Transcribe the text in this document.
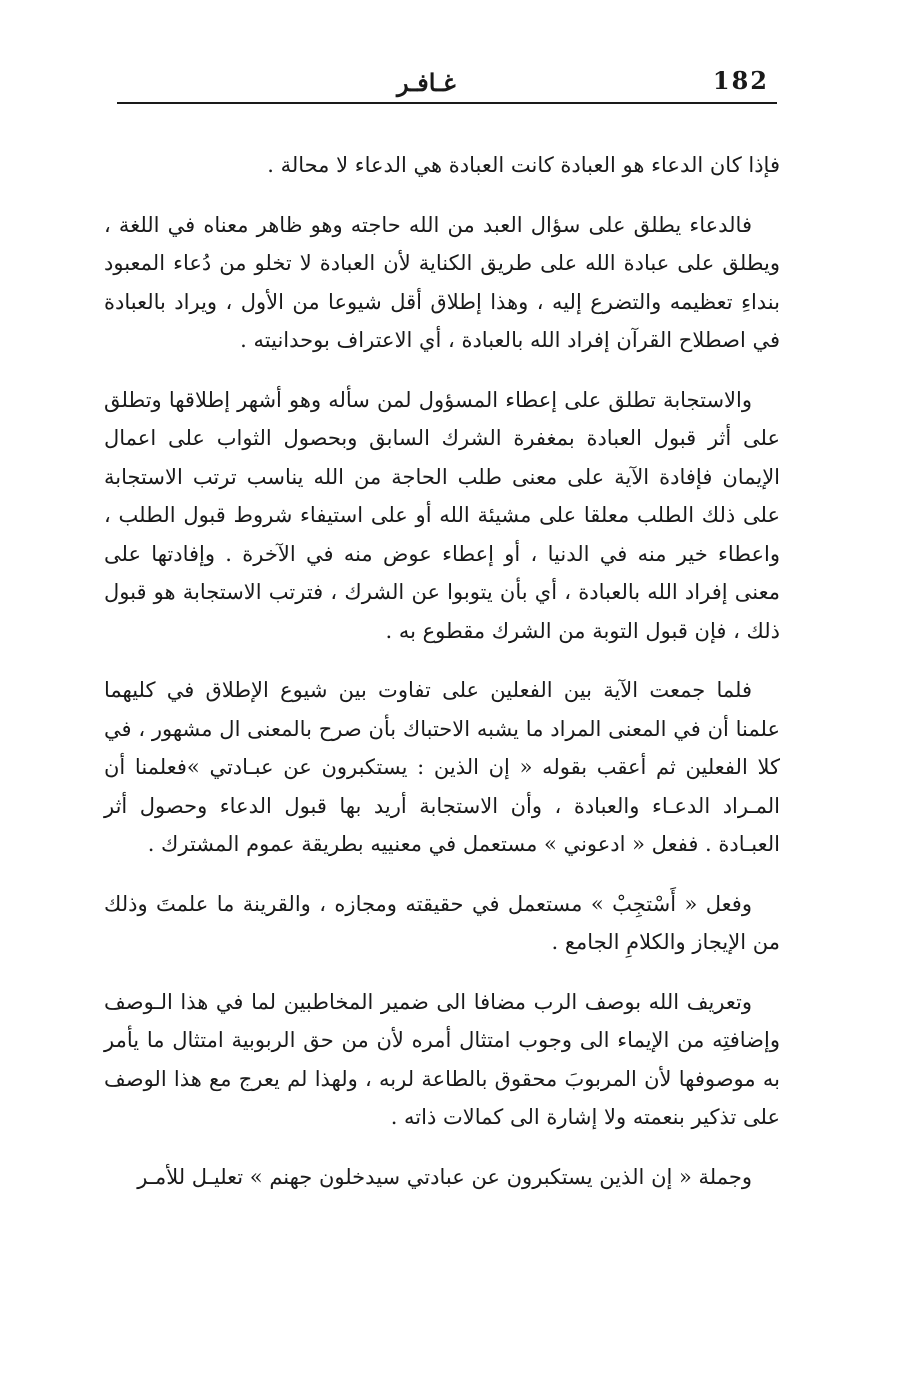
182
غـافـر

فإذا كان الدعاء هو العبادة كانت العبادة هي الدعاء لا محالة .

فالدعاء يطلق على سؤال العبد من الله حاجته وهو ظاهر معناه في اللغة ، ويطلق على عبادة الله على طريق الكناية لأن العبادة لا تخلو من دُعاء المعبود بنداءِ تعظيمه والتضرع إليه ، وهذا إطلاق أقل شيوعا من الأول ، ويراد بالعبادة في اصطلاح القرآن إفراد الله بالعبادة ، أي الاعتراف بوحدانيته .

والاستجابة تطلق على إعطاء المسؤول لمن سأله وهو أشهر إطلاقها وتطلق على أثر قبول العبادة بمغفرة الشرك السابق وبحصول الثواب على اعمال الإيمان فإفادة الآية على معنى طلب الحاجة من الله يناسب ترتب الاستجابة على ذلك الطلب معلقا على مشيئة الله أو على استيفاء شروط قبول الطلب ، واعطاء خير منه في الدنيا ، أو إعطاء عوض منه في الآخرة . وإفادتها على معنى إفراد الله بالعبادة ، أي بأن يتوبوا عن الشرك ، فترتب الاستجابة هو قبول ذلك ، فإن قبول التوبة من الشرك مقطوع به .

فلما جمعت الآية بين الفعلين على تفاوت بين شيوع الإطلاق في كليهما علمنا أن في المعنى المراد ما يشبه الاحتباك بأن صرح بالمعنى ال مشهور ، في كلا الفعلين ثم أعقب بقوله « إن الذين : يستكبرون عن عبـادتي »فعلمنا أن المـراد الدعـاء والعبادة ، وأن الاستجابة أريد بها قبول الدعاء وحصول أثر العبـادة . ففعل « ادعوني » مستعمل في معنييه بطريقة عموم المشترك .

وفعل « أَسْتجِبْ » مستعمل في حقيقته ومجازه ، والقرينة ما علمتَ وذلك من الإيجاز والكلامِ الجامع .

وتعريف الله بوصف الرب مضافا الى ضمير المخاطبين لما في هذا الـوصف وإضافتِه من الإيماء الى وجوب امتثال أمره لأن من حق الربوبية امتثال ما يأمر به موصوفها لأن المربوبَ محقوق بالطاعة لربه ، ولهذا لم يعرج مع هذا الوصف على تذكير بنعمته ولا إشارة الى كمالات ذاته .

وجملة « إن الذين يستكبرون عن عبادتي سيدخلون جهنم » تعليـل للأمـر
